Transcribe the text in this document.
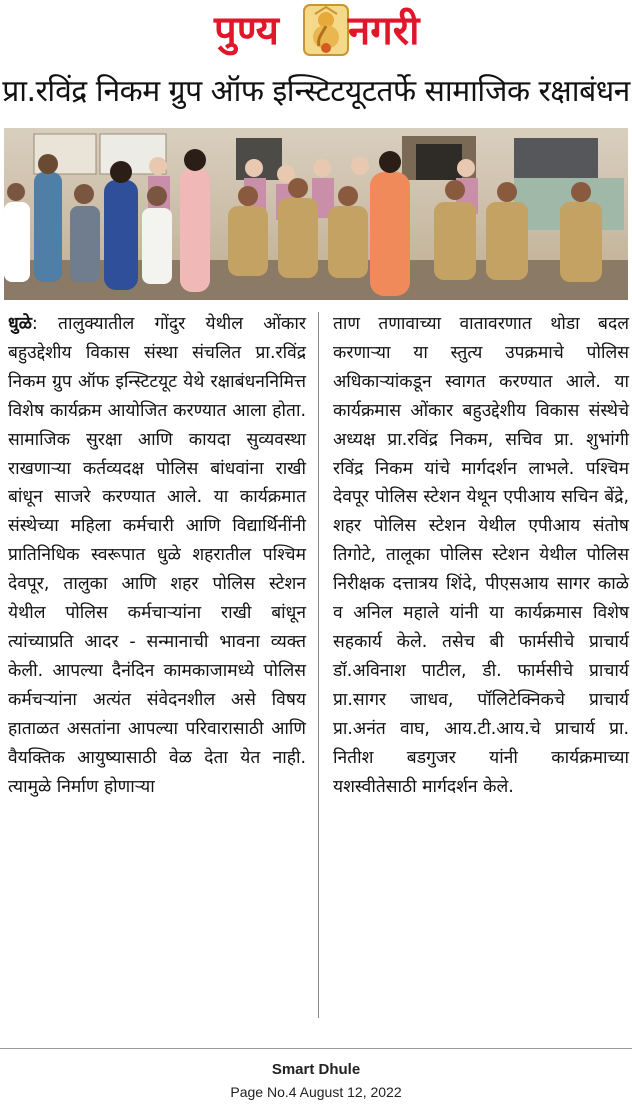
पुण्य नगरी
प्रा.रविंद्र निकम ग्रुप ऑफ इन्स्टिटयूटतर्फे सामाजिक रक्षाबंधन

धुळे: तालुक्यातील गोंदुर येथील ओंकार बहुउद्देशीय विकास संस्था संचलित प्रा.रविंद्र निकम ग्रुप ऑफ इन्स्टिटयूट येथे रक्षाबंधननिमित्त विशेष कार्यक्रम आयोजित करण्यात आला होता. सामाजिक सुरक्षा आणि कायदा सुव्यवस्था राखणाऱ्या कर्तव्यदक्ष पोलिस बांधवांना राखी बांधून साजरे करण्यात आले. या कार्यक्रमात संस्थेच्या महिला कर्मचारी आणि विद्यार्थिनींनी प्रातिनिधिक स्वरूपात धुळे शहरातील पश्चिम देवपूर, तालुका आणि शहर पोलिस स्टेशन येथील पोलिस कर्मचाऱ्यांना राखी बांधून त्यांच्याप्रति आदर - सन्मानाची भावना व्यक्त केली. आपल्या दैनंदिन कामकाजामध्ये पोलिस कर्मचऱ्यांना अत्यंत संवेदनशील असे विषय हाताळत असतांना आपल्या परिवारासाठी आणि वैयक्तिक आयुष्यासाठी वेळ देता येत नाही. त्यामुळे निर्माण होणाऱ्या

ताण तणावाच्या वातावरणात थोडा बदल करणाऱ्या या स्तुत्य उपक्रमाचे पोलिस अधिकाऱ्यांकडून स्वागत करण्यात आले. या कार्यक्रमास ओंकार बहुउद्देशीय विकास संस्थेचे अध्यक्ष प्रा.रविंद्र निकम, सचिव प्रा. शुभांगी रविंद्र निकम यांचे मार्गदर्शन लाभले. पश्चिम देवपूर पोलिस स्टेशन येथून एपीआय सचिन बेंद्रे, शहर पोलिस स्टेशन येथील एपीआय संतोष तिगोटे, तालूका पोलिस स्टेशन येथील पोलिस निरीक्षक दत्तात्रय शिंदे, पीएसआय सागर काळे व अनिल महाले यांनी या कार्यक्रमास विशेष सहकार्य केले. तसेच बी फार्मसीचे प्राचार्य डॉ.अविनाश पाटील, डी. फार्मसीचे प्राचार्य प्रा.सागर जाधव, पॉलिटेक्निकचे प्राचार्य प्रा.अनंत वाघ, आय.टी.आय.चे प्राचार्य प्रा. नितीश बडगुजर यांनी कार्यक्रमाच्या यशस्वीतेसाठी मार्गदर्शन केले.

Smart Dhule
Page No.4 August 12, 2022
